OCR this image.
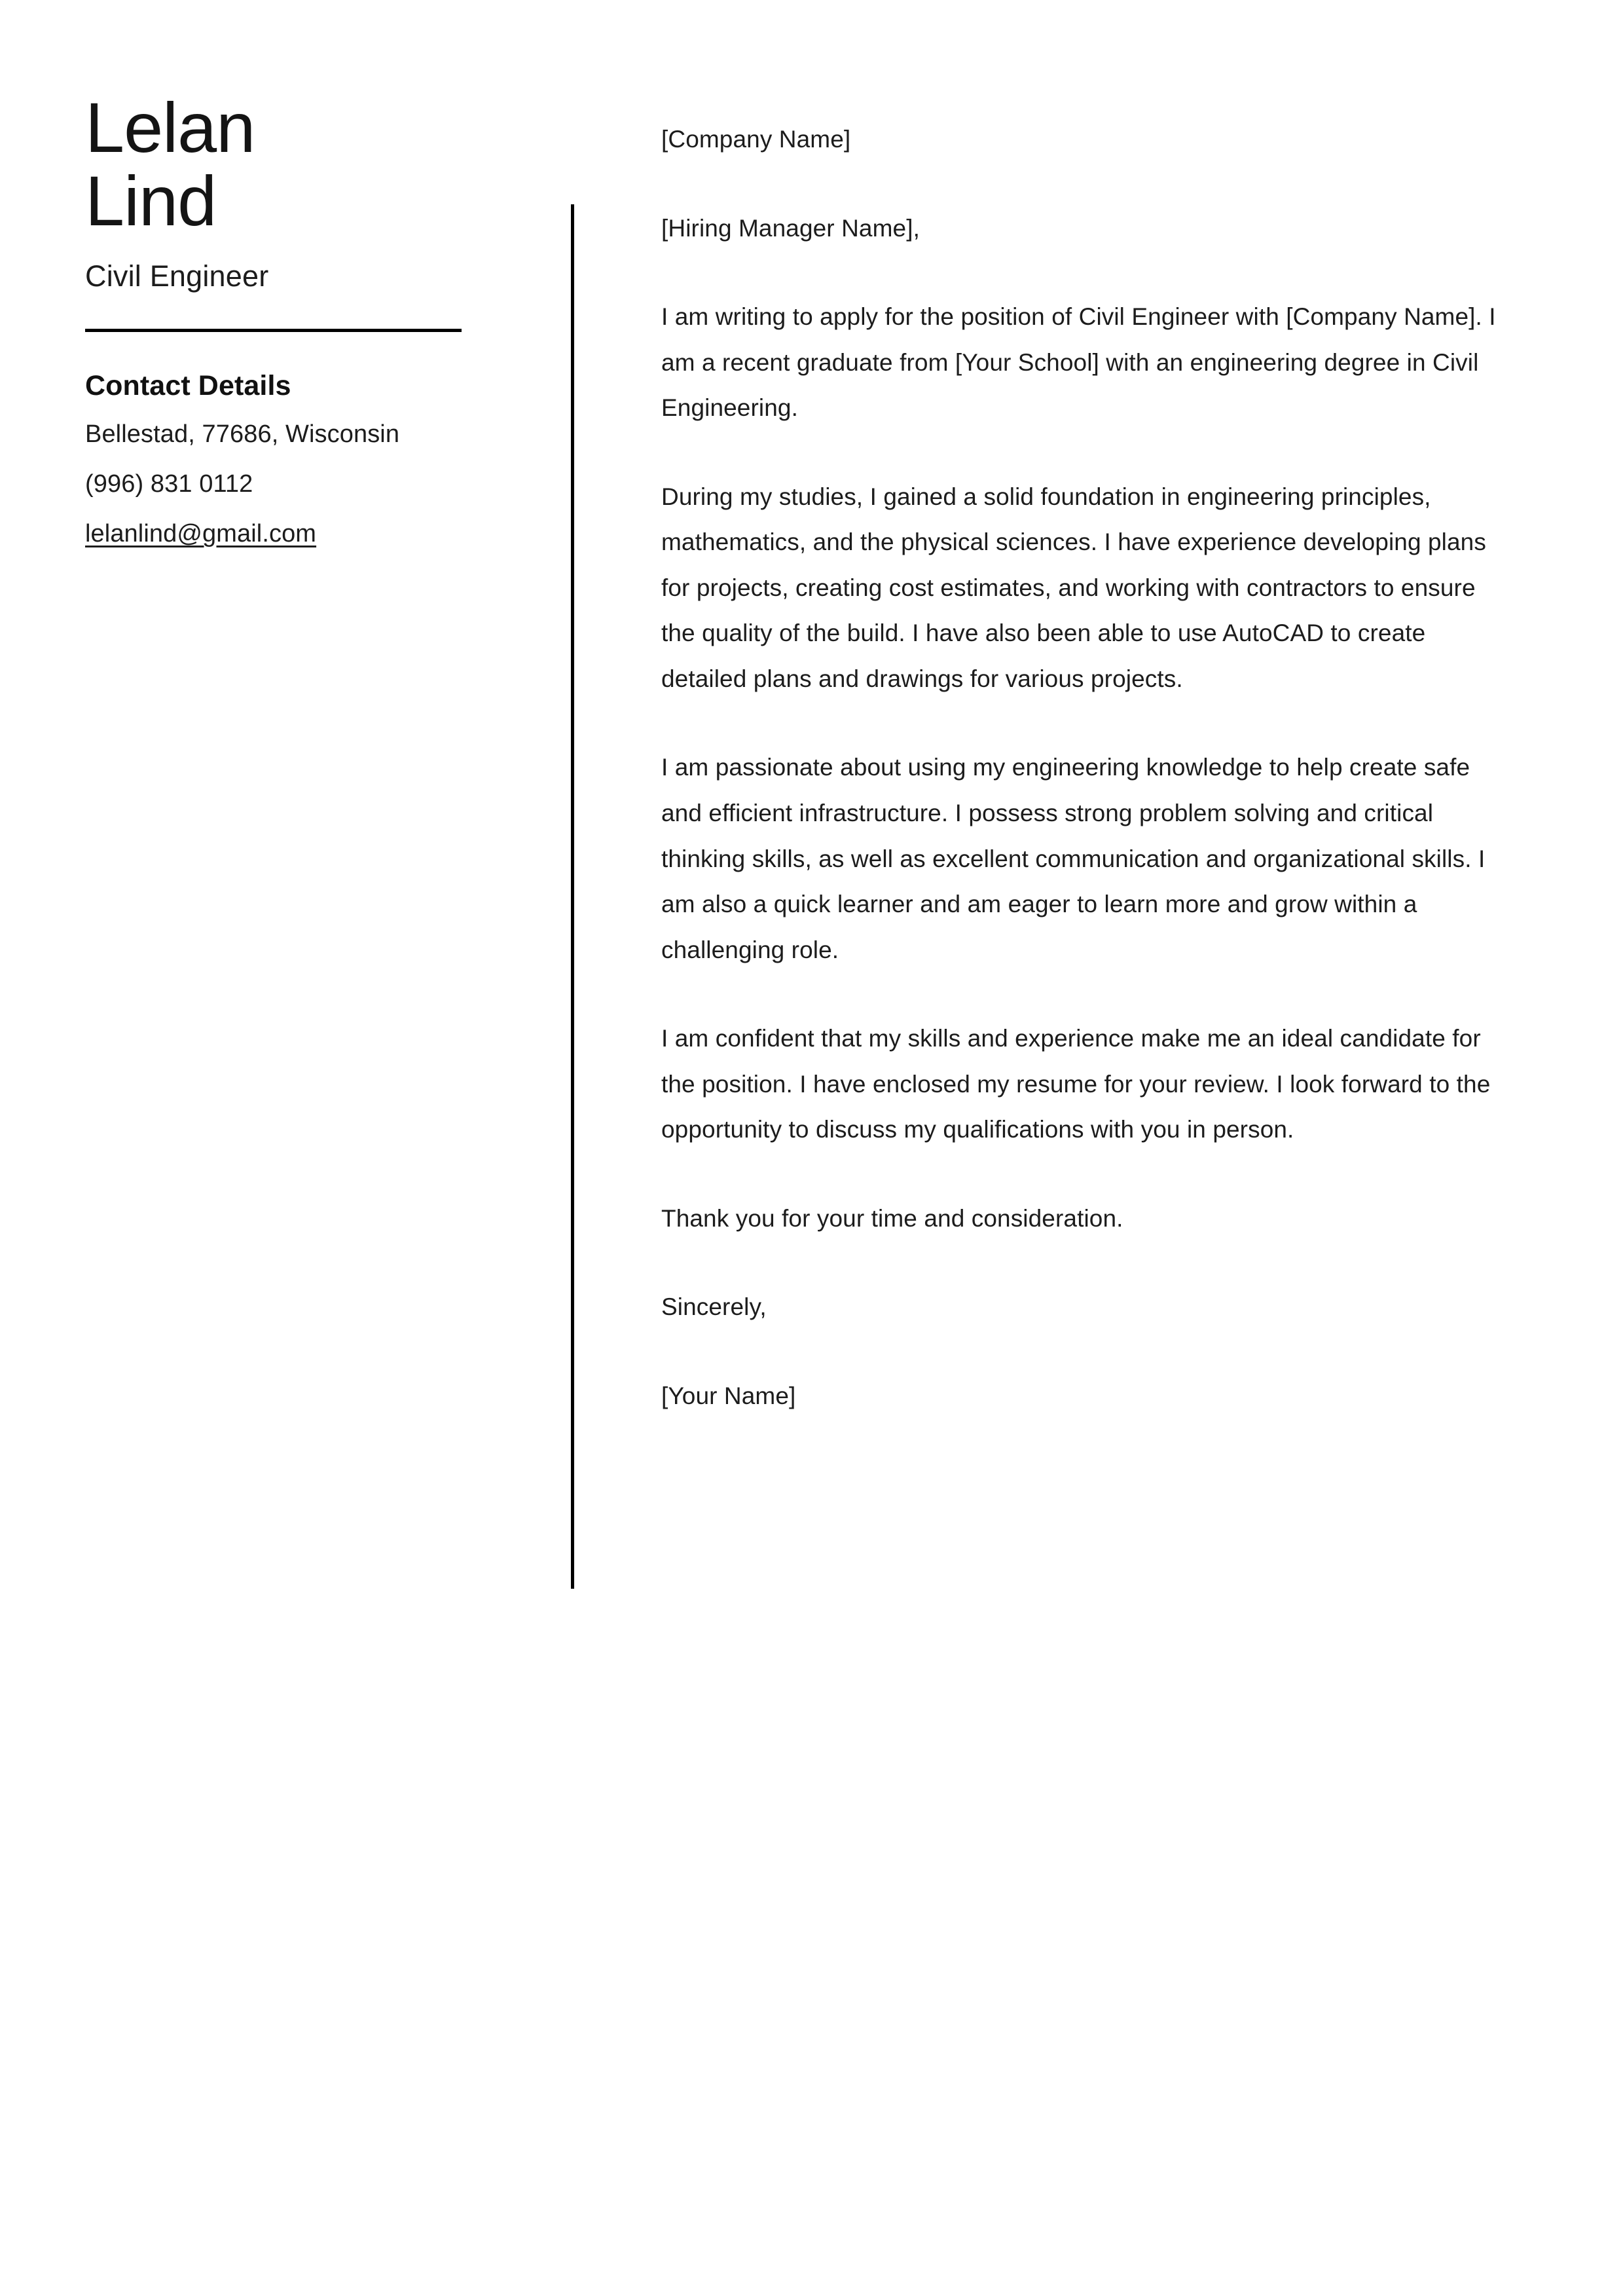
Lelan
Lind
Civil Engineer
Contact Details
Bellestad, 77686, Wisconsin
(996) 831 0112
lelanlind@gmail.com

[Company Name]

[Hiring Manager Name],

I am writing to apply for the position of Civil Engineer with [Company Name]. I am a recent graduate from [Your School] with an engineering degree in Civil Engineering.

During my studies, I gained a solid foundation in engineering principles, mathematics, and the physical sciences. I have experience developing plans for projects, creating cost estimates, and working with contractors to ensure the quality of the build. I have also been able to use AutoCAD to create detailed plans and drawings for various projects.

I am passionate about using my engineering knowledge to help create safe and efficient infrastructure. I possess strong problem solving and critical thinking skills, as well as excellent communication and organizational skills. I am also a quick learner and am eager to learn more and grow within a challenging role.

I am confident that my skills and experience make me an ideal candidate for the position. I have enclosed my resume for your review. I look forward to the opportunity to discuss my qualifications with you in person.

Thank you for your time and consideration.

Sincerely,

[Your Name]
